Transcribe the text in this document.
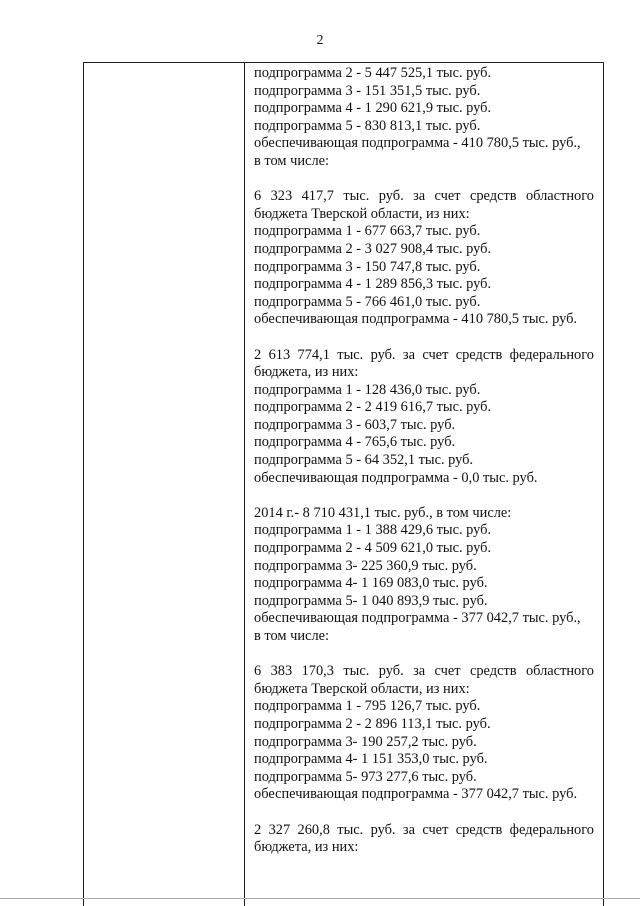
2
подпрограмма 2 - 5 447 525,1 тыс. руб.
подпрограмма 3 - 151 351,5 тыс. руб.
подпрограмма 4 - 1 290 621,9 тыс. руб.
подпрограмма 5 - 830 813,1 тыс. руб.
обеспечивающая подпрограмма - 410 780,5 тыс. руб.,
в том числе:
6 323 417,7 тыс. руб. за счет средств областного
бюджета Тверской области, из них:
подпрограмма 1 - 677 663,7 тыс. руб.
подпрограмма 2 - 3 027 908,4 тыс. руб.
подпрограмма 3 - 150 747,8 тыс. руб.
подпрограмма 4 - 1 289 856,3 тыс. руб.
подпрограмма 5 - 766 461,0 тыс. руб.
обеспечивающая подпрограмма - 410 780,5 тыс. руб.
2 613 774,1 тыс. руб. за счет средств федерального
бюджета, из них:
подпрограмма 1 - 128 436,0 тыс. руб.
подпрограмма 2 - 2 419 616,7 тыс. руб.
подпрограмма 3 - 603,7 тыс. руб.
подпрограмма 4 - 765,6 тыс. руб.
подпрограмма 5 - 64 352,1 тыс. руб.
обеспечивающая подпрограмма - 0,0 тыс. руб.
2014 г.- 8 710 431,1 тыс. руб., в том числе:
подпрограмма 1 - 1 388 429,6 тыс. руб.
подпрограмма 2 - 4 509 621,0 тыс. руб.
подпрограмма 3- 225 360,9 тыс. руб.
подпрограмма 4- 1 169 083,0 тыс. руб.
подпрограмма 5- 1 040 893,9 тыс. руб.
обеспечивающая подпрограмма - 377 042,7 тыс. руб.,
в том числе:
6 383 170,3 тыс. руб. за счет средств областного
бюджета Тверской области, из них:
подпрограмма 1 - 795 126,7 тыс. руб.
подпрограмма 2 - 2 896 113,1 тыс. руб.
подпрограмма 3- 190 257,2 тыс. руб.
подпрограмма 4- 1 151 353,0 тыс. руб.
подпрограмма 5- 973 277,6 тыс. руб.
обеспечивающая подпрограмма - 377 042,7 тыс. руб.
2 327 260,8 тыс. руб. за счет средств федерального
бюджета, из них:
